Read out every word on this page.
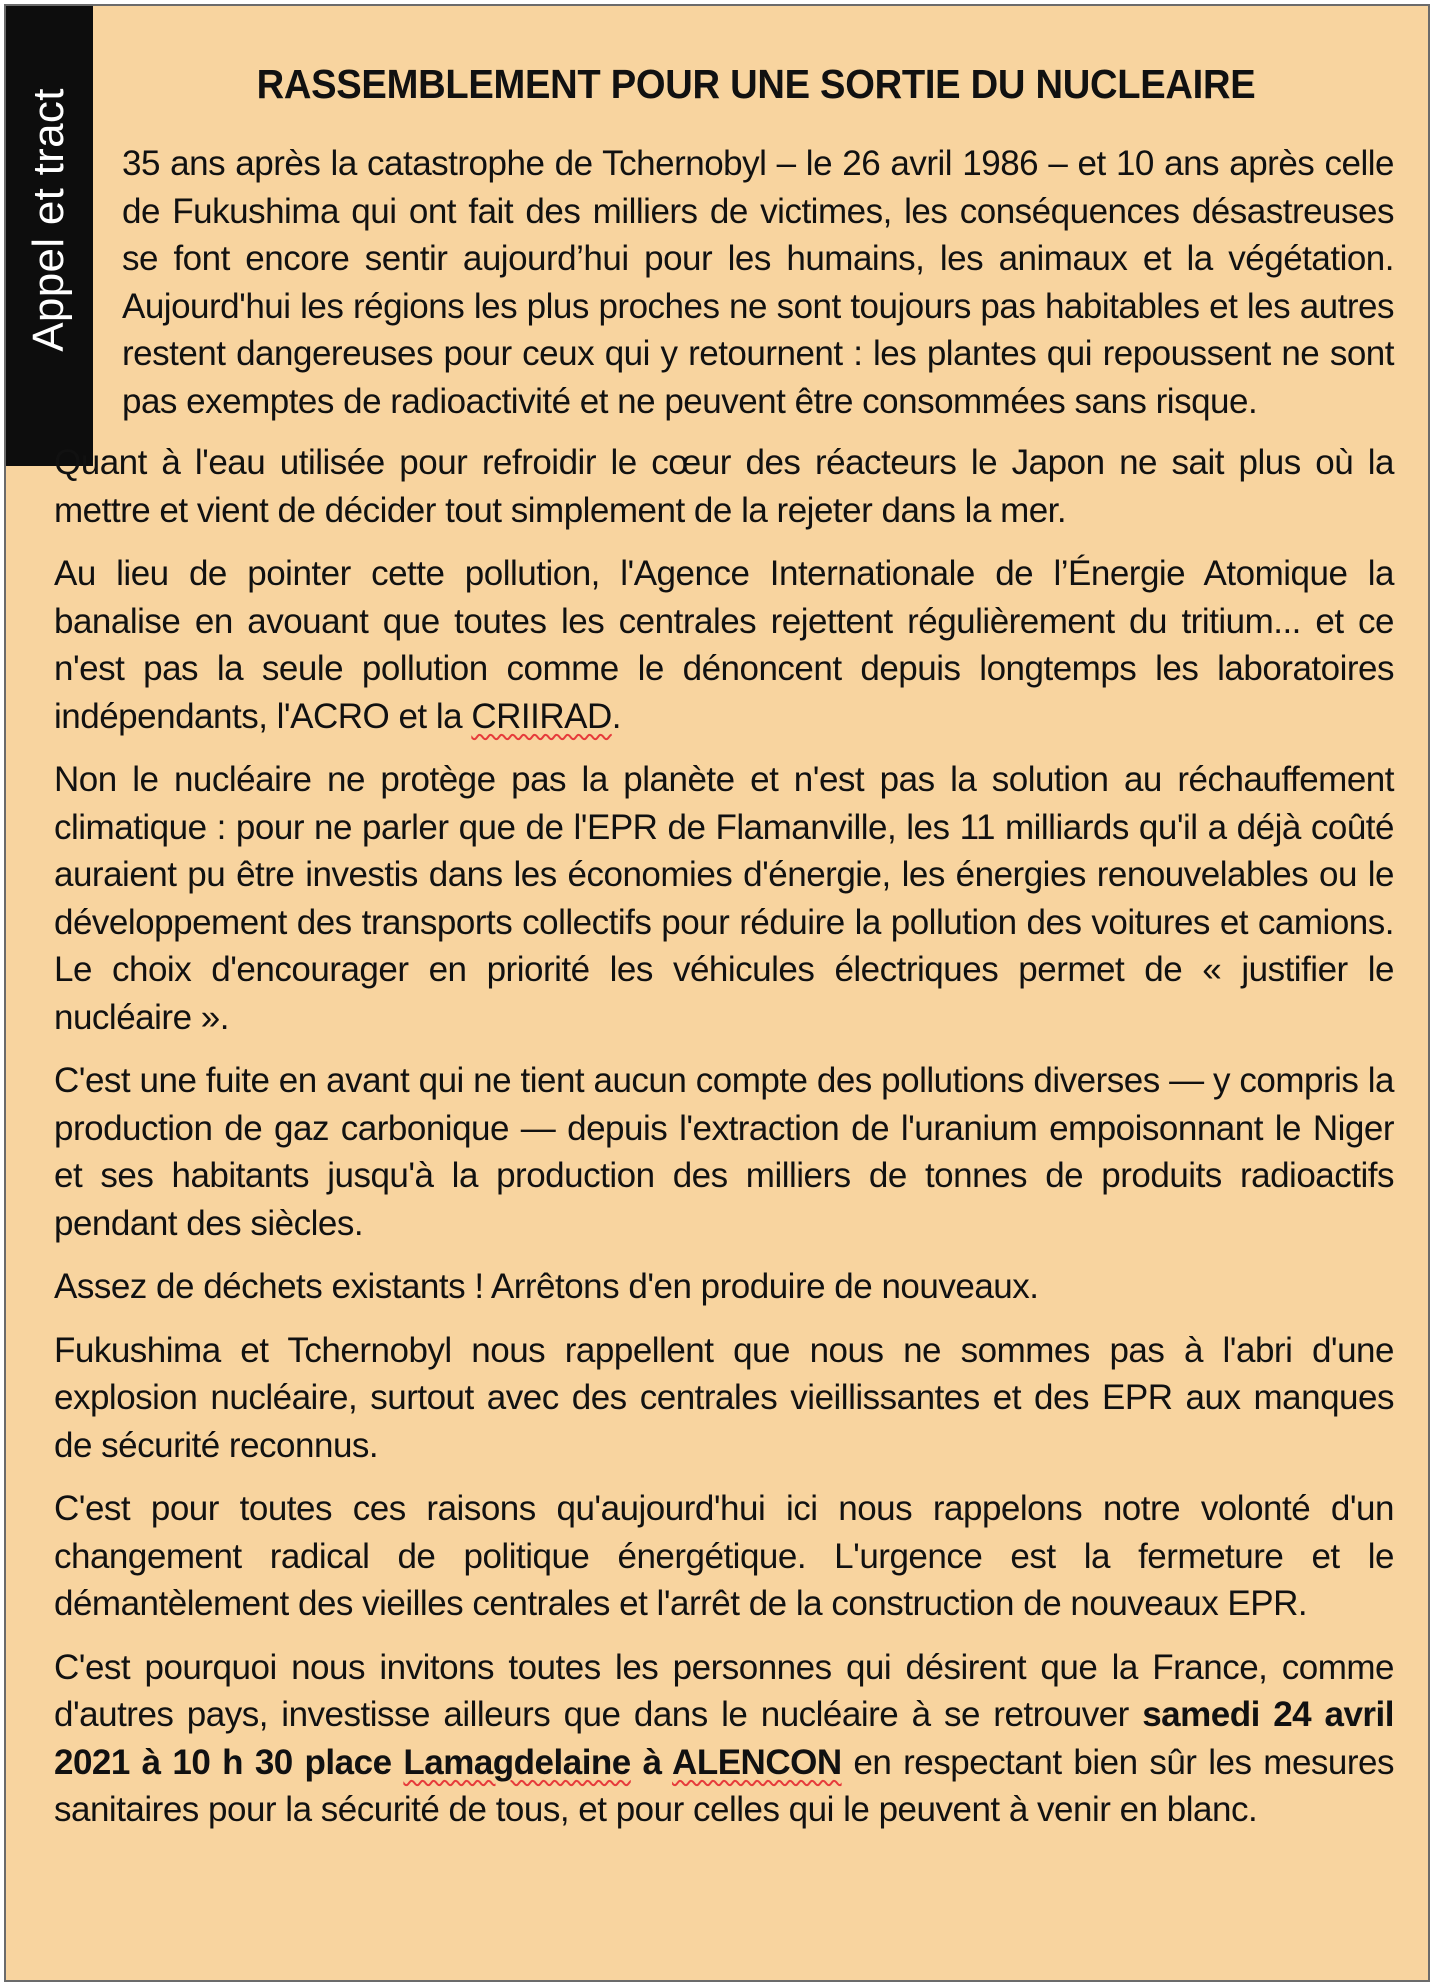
Appel et tract
RASSEMBLEMENT POUR UNE SORTIE DU NUCLEAIRE

35 ans après la catastrophe de Tchernobyl – le 26 avril 1986 – et 10 ans après celle de Fukushima qui ont fait des milliers de victimes, les conséquences désastreuses se font encore sentir aujourd’hui pour les humains, les animaux et la végétation. Aujourd'hui les régions les plus proches ne sont toujours pas habitables et les autres restent dangereuses pour ceux qui y retournent : les plantes qui repoussent ne sont pas exemptes de radioactivité et ne peuvent être consommées sans risque.

Quant à l'eau utilisée pour refroidir le cœur des réacteurs le Japon ne sait plus où la mettre et vient de décider tout simplement de la rejeter dans la mer.

Au lieu de pointer cette pollution, l'Agence Internationale de l’Énergie Atomique la banalise en avouant que toutes les centrales rejettent régulièrement du tritium... et ce n'est pas la seule pollution comme le dénoncent depuis longtemps les laboratoires indépendants, l'ACRO et la CRIIRAD.

Non le nucléaire ne protège pas la planète et n'est pas la solution au réchauffement climatique : pour ne parler que de l'EPR de Flamanville, les 11 milliards qu'il a déjà coûté auraient pu être investis dans les économies d'énergie, les énergies renouvelables ou le développement des transports collectifs pour réduire la pollution des voitures et camions. Le choix d'encourager en priorité les véhicules électriques permet de « justifier le nucléaire ».

C'est une fuite en avant qui ne tient aucun compte des pollutions diverses — y compris la production de gaz carbonique — depuis l'extraction de l'uranium empoisonnant le Niger et ses habitants jusqu'à la production des milliers de tonnes de produits radioactifs pendant des siècles.

Assez de déchets existants ! Arrêtons d'en produire de nouveaux.

Fukushima et Tchernobyl nous rappellent que nous ne sommes pas à l'abri d'une explosion nucléaire, surtout avec des centrales vieillissantes et des EPR aux manques de sécurité reconnus.

C'est pour toutes ces raisons qu'aujourd'hui ici nous rappelons notre volonté d'un changement radical de politique énergétique. L'urgence est la fermeture et le démantèlement des vieilles centrales et l'arrêt de la construction de nouveaux EPR.

C'est pourquoi nous invitons toutes les personnes qui désirent que la France, comme d'autres pays, investisse ailleurs que dans le nucléaire à se retrouver samedi 24 avril 2021 à 10 h 30 place Lamagdelaine à ALENCON en respectant bien sûr les mesures sanitaires pour la sécurité de tous, et pour celles qui le peuvent à venir en blanc.
